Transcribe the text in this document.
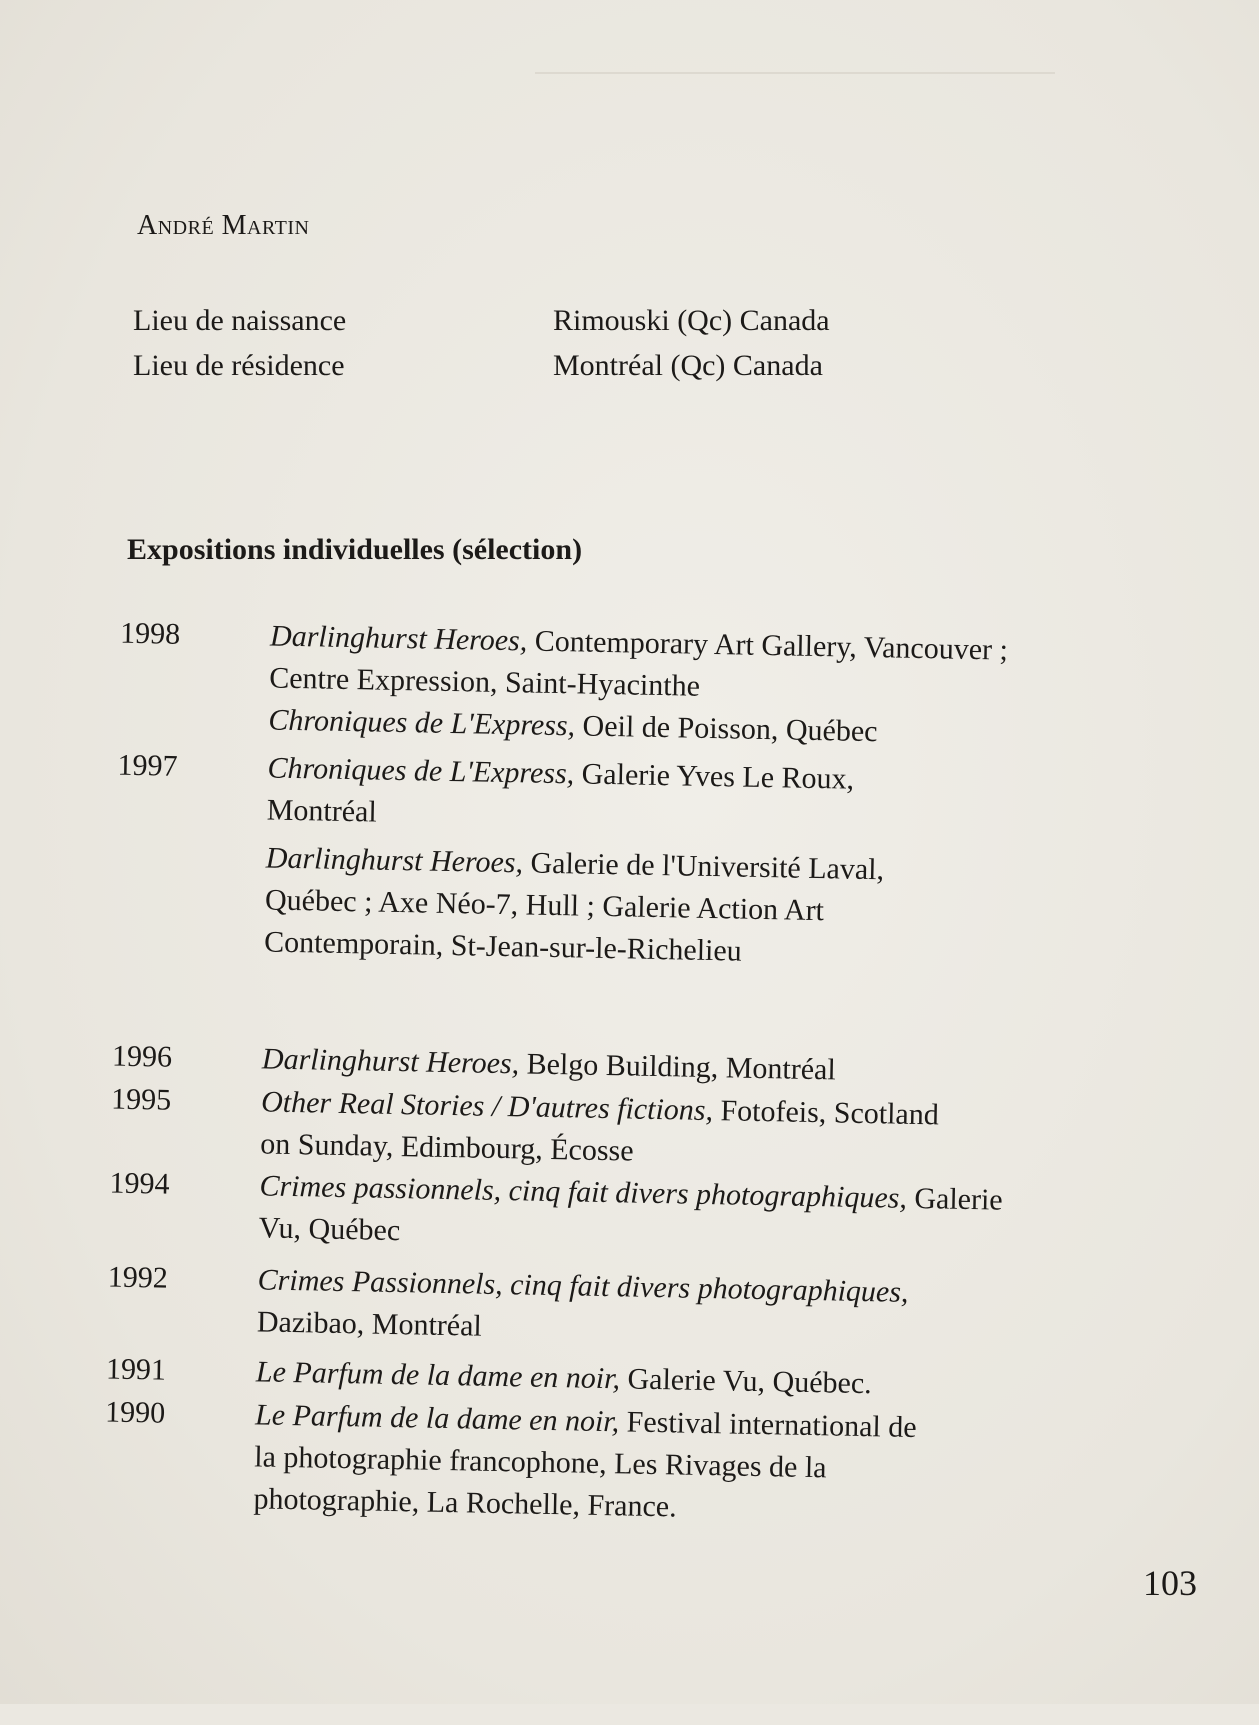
André Martin
Lieu de naissance	Rimouski (Qc) Canada
Lieu de résidence	Montréal (Qc) Canada
Expositions individuelles (sélection)
1998	Darlinghurst Heroes, Contemporary Art Gallery, Vancouver ; Centre Expression, Saint-Hyacinthe
Chroniques de L'Express, Oeil de Poisson, Québec
1997	Chroniques de L'Express, Galerie Yves Le Roux, Montréal
Darlinghurst Heroes, Galerie de l'Université Laval, Québec ; Axe Néo-7, Hull ; Galerie Action Art Contemporain, St-Jean-sur-le-Richelieu
1996	Darlinghurst Heroes, Belgo Building, Montréal
1995	Other Real Stories / D'autres fictions, Fotofeis, Scotland on Sunday, Edimbourg, Écosse
1994	Crimes passionnels, cinq fait divers photographiques, Galerie Vu, Québec
1992	Crimes Passionnels, cinq fait divers photographiques, Dazibao, Montréal
1991	Le Parfum de la dame en noir, Galerie Vu, Québec.
1990	Le Parfum de la dame en noir, Festival international de la photographie francophone, Les Rivages de la photographie, La Rochelle, France.
103
